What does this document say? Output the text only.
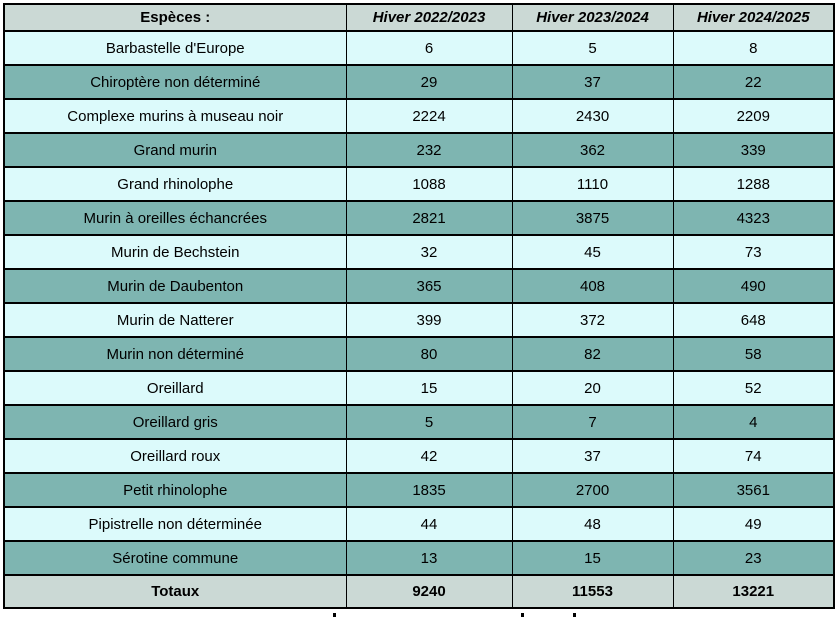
Espèces :	Hiver 2022/2023	Hiver 2023/2024	Hiver 2024/2025
Barbastelle d'Europe	6	5	8
Chiroptère non déterminé	29	37	22
Complexe murins à museau noir	2224	2430	2209
Grand murin	232	362	339
Grand rhinolophe	1088	1110	1288
Murin à oreilles échancrées	2821	3875	4323
Murin de Bechstein	32	45	73
Murin de Daubenton	365	408	490
Murin de Natterer	399	372	648
Murin non déterminé	80	82	58
Oreillard	15	20	52
Oreillard gris	5	7	4
Oreillard roux	42	37	74
Petit rhinolophe	1835	2700	3561
Pipistrelle non déterminée	44	48	49
Sérotine commune	13	15	23
Totaux	9240	11553	13221
